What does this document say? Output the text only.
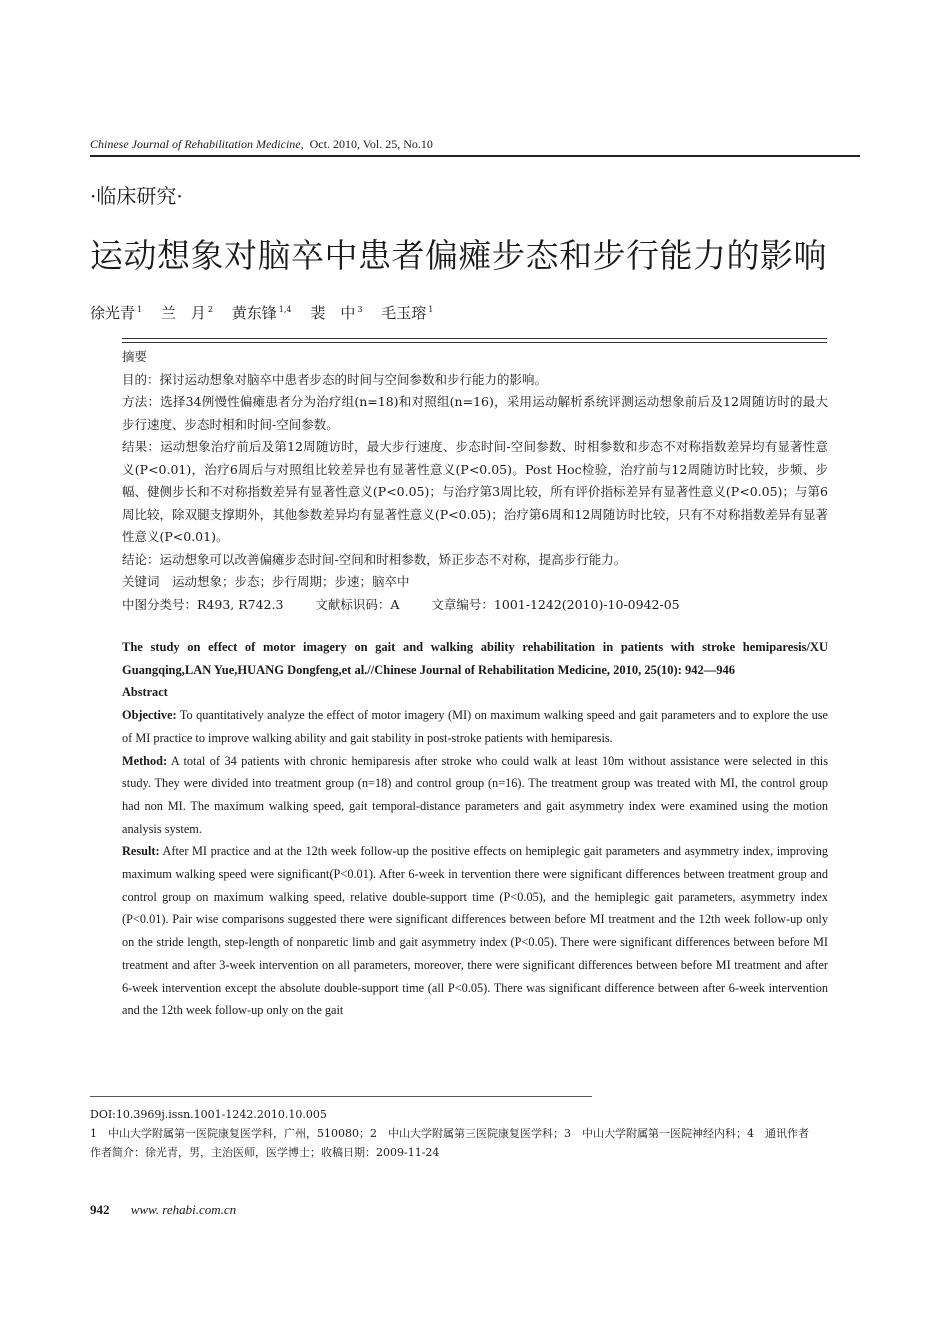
Chinese Journal of Rehabilitation Medicine, Oct. 2010, Vol. 25, No.10
·临床研究·
运动想象对脑卒中患者偏瘫步态和步行能力的影响
徐光青 $^1$ 兰　月 $^2$ 黄东锋 $^{1,4}$ 裴　中 $^3$ 毛玉瑢 $^1$

摘要

目的：探讨运动想象对脑卒中患者步态的时间与空间参数和步行能力的影响。

方法：选择34例慢性偏瘫患者分为治疗组(n=18)和对照组(n=16)，采用运动解析系统评测运动想象前后及12周随访时的最大步行速度、步态时相和时间-空间参数。

结果：运动想象治疗前后及第12周随访时，最大步行速度、步态时间-空间参数、时相参数和步态不对称指数差异均有显著性意义(P<0.01)，治疗6周后与对照组比较差异也有显著性意义(P<0.05)。Post Hoc检验，治疗前与12周随访时比较，步频、步幅、健侧步长和不对称指数差异有显著性意义(P<0.05)；与治疗第3周比较，所有评价指标差异有显著性意义(P<0.05)；与第6周比较，除双腿支撑期外，其他参数差异均有显著性意义(P<0.05)；治疗第6周和12周随访时比较，只有不对称指数差异有显著性意义(P<0.01)。

结论：运动想象可以改善偏瘫步态时间-空间和时相参数，矫正步态不对称，提高步行能力。

关键词　运动想象；步态；步行周期；步速；脑卒中

中图分类号：R493, R742.3	文献标识码：A	文章编号：1001-1242(2010)-10-0942-05

The study on effect of motor imagery on gait and walking ability rehabilitation in patients with stroke hemiparesis/XU Guangqing,LAN Yue,HUANG Dongfeng,et al.//Chinese Journal of Rehabilitation Medicine, 2010, 25(10): 942—946

Abstract

Objective: To quantitatively analyze the effect of motor imagery (MI) on maximum walking speed and gait parameters and to explore the use of MI practice to improve walking ability and gait stability in post-stroke patients with hemiparesis.

Method: A total of 34 patients with chronic hemiparesis after stroke who could walk at least 10m without assistance were selected in this study. They were divided into treatment group (n=18) and control group (n=16). The treatment group was treated with MI, the control group had non MI. The maximum walking speed, gait temporal-distance parameters and gait asymmetry index were examined using the motion analysis system.

Result: After MI practice and at the 12th week follow-up the positive effects on hemiplegic gait parameters and asymmetry index, improving maximum walking speed were significant(P<0.01). After 6-week in tervention there were significant differences between treatment group and control group on maximum walking speed, relative double-support time (P<0.05), and the hemiplegic gait parameters, asymmetry index (P<0.01). Pair wise comparisons suggested there were significant differences between before MI treatment and the 12th week follow-up only on the stride length, step-length of nonparetic limb and gait asymmetry index (P<0.05). There were significant differences between before MI treatment and after 3-week intervention on all parameters, moreover, there were significant differences between before MI treatment and after 6-week intervention except the absolute double-support time (all P<0.05). There was significant difference between after 6-week intervention and the 12th week follow-up only on the gait

DOI:10.3969j.issn.1001-1242.2010.10.005

1　中山大学附属第一医院康复医学科，广州，510080；2　中山大学附属第三医院康复医学科；3　中山大学附属第一医院神经内科；4　通讯作者

作者简介：徐光青，男，主治医师，医学博士；收稿日期：2009-11-24

942 www. rehabi.com.cn
